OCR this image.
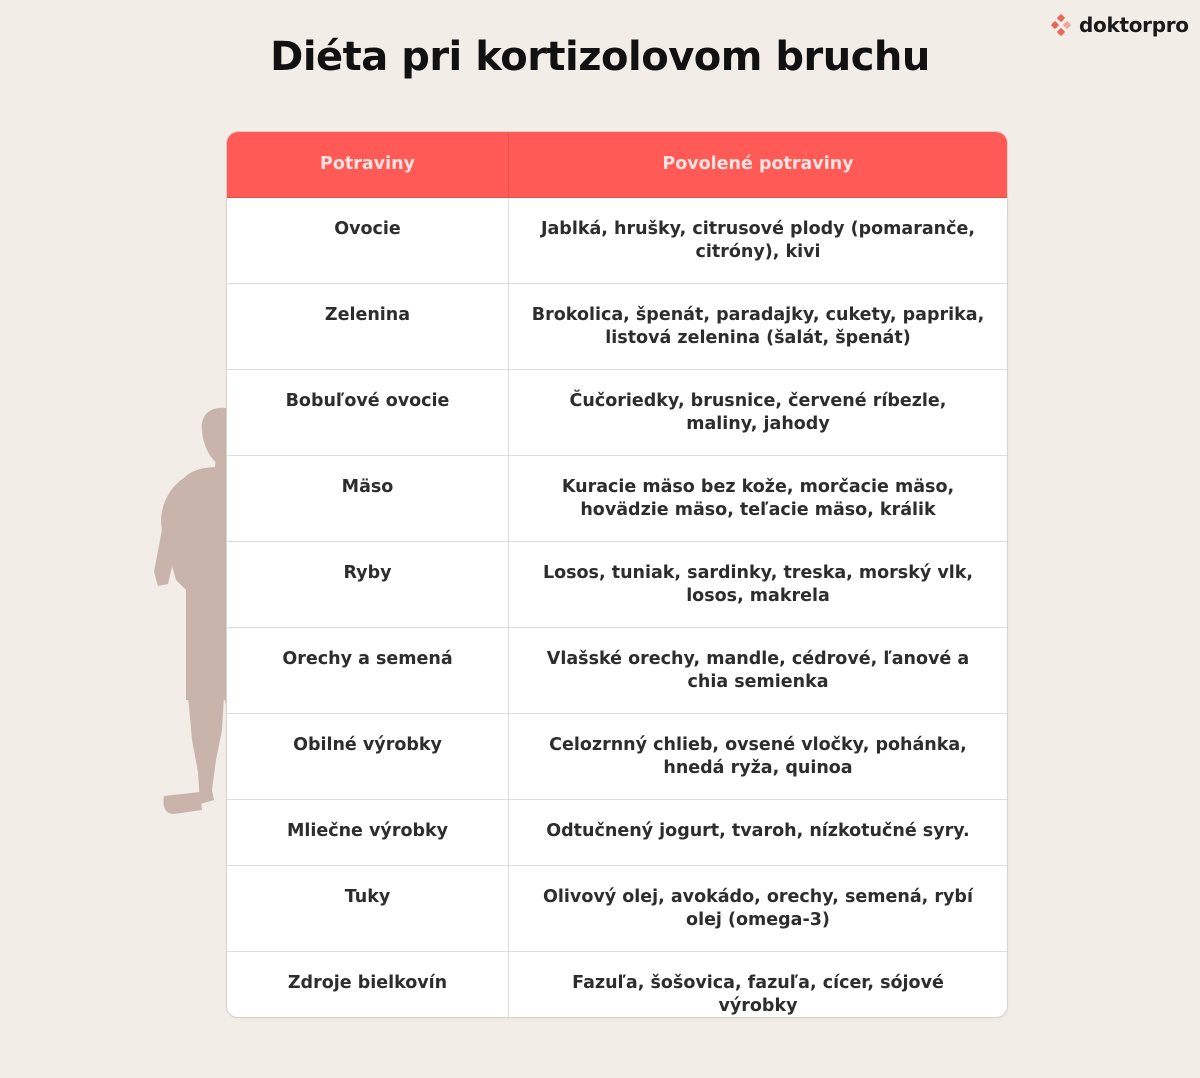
doktorpro
Diéta pri kortizolovom bruchu
Potraviny	Povolené potraviny
Ovocie	Jablká, hrušky, citrusové plody (pomaranče, citróny), kivi
Zelenina	Brokolica, špenát, paradajky, cukety, paprika, listová zelenina (šalát, špenát)
Bobuľové ovocie	Čučoriedky, brusnice, červené ríbezle, maliny, jahody
Mäso	Kuracie mäso bez kože, morčacie mäso, hovädzie mäso, teľacie mäso, králik
Ryby	Losos, tuniak, sardinky, treska, morský vlk, losos, makrela
Orechy a semená	Vlašské orechy, mandle, cédrové, ľanové a chia semienka
Obilné výrobky	Celozrnný chlieb, ovsené vločky, pohánka, hnedá ryža, quinoa
Mliečne výrobky	Odtučnený jogurt, tvaroh, nízkotučné syry.
Tuky	Olivový olej, avokádo, orechy, semená, rybí olej (omega-3)
Zdroje bielkovín	Fazuľa, šošovica, fazuľa, cícer, sójové výrobky
